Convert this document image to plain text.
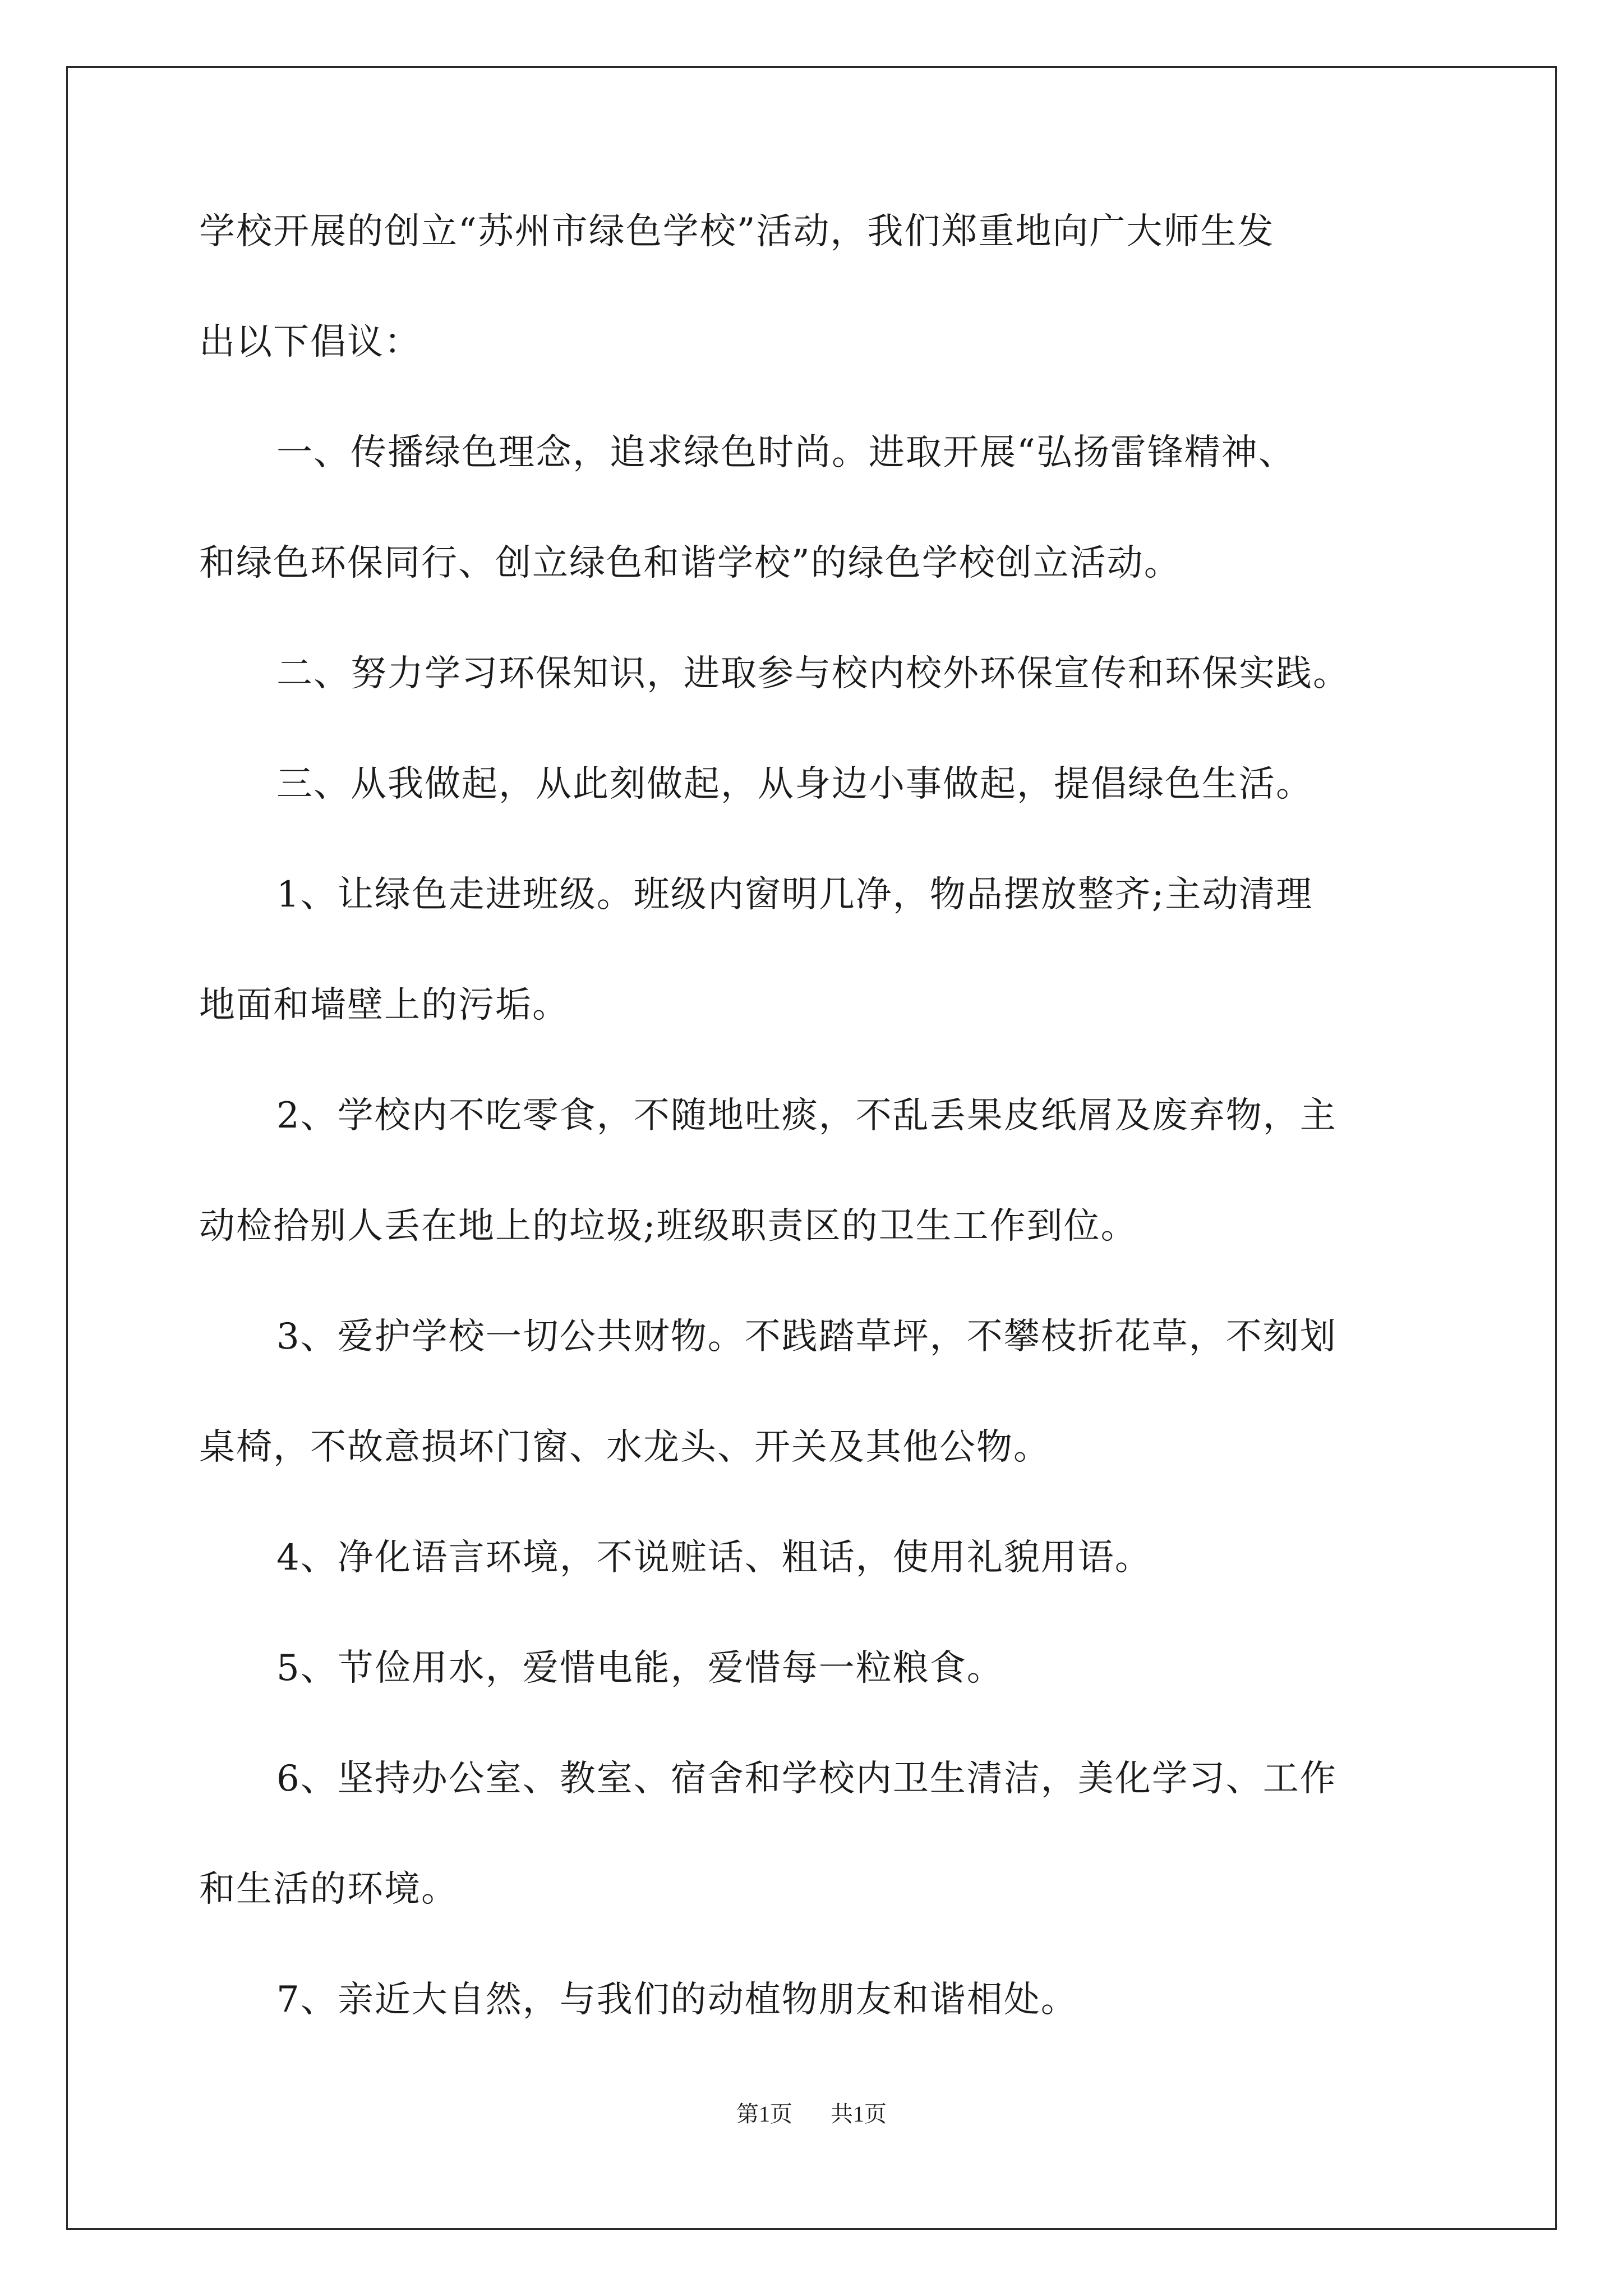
学校开展的创立“苏州市绿色学校”活动，我们郑重地向广大师生发
出以下倡议：
一、传播绿色理念，追求绿色时尚。进取开展“弘扬雷锋精神、
和绿色环保同行、创立绿色和谐学校”的绿色学校创立活动。
二、努力学习环保知识，进取参与校内校外环保宣传和环保实践。
三、从我做起，从此刻做起，从身边小事做起，提倡绿色生活。
1、让绿色走进班级。班级内窗明几净，物品摆放整齐;主动清理
地面和墙壁上的污垢。
2、学校内不吃零食，不随地吐痰，不乱丢果皮纸屑及废弃物，主
动检拾别人丢在地上的垃圾;班级职责区的卫生工作到位。
3、爱护学校一切公共财物。不践踏草坪，不攀枝折花草，不刻划
桌椅，不故意损坏门窗、水龙头、开关及其他公物。
4、净化语言环境，不说赃话、粗话，使用礼貌用语。
5、节俭用水，爱惜电能，爱惜每一粒粮食。
6、坚持办公室、教室、宿舍和学校内卫生清洁，美化学习、工作
和生活的环境。
7、亲近大自然，与我们的动植物朋友和谐相处。
第1页 共1页
